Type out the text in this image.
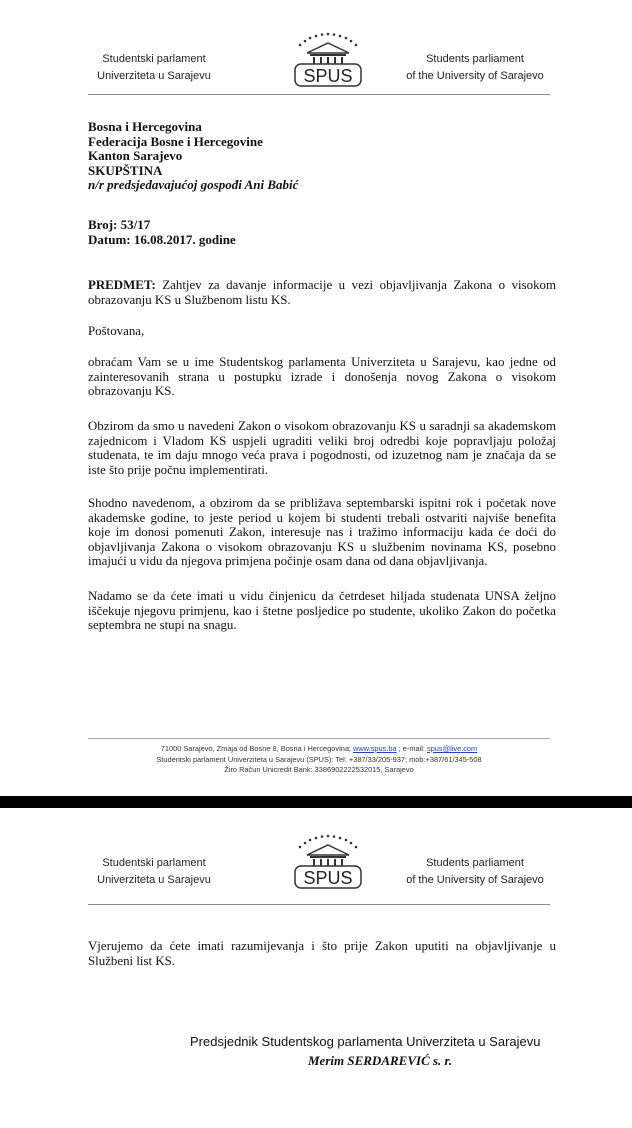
Studentski parlament
Univerziteta u Sarajevu	SPUS
Students parliament
of the University of Sarajevo
Bosna i Hercegovina
Federacija Bosne i Hercegovine
Kanton Sarajevo
SKUPŠTINA
n/r predsjedavajućoj gospođi Ani Babić
Broj: 53/17
Datum: 16.08.2017. godine

PREDMET: Zahtjev za davanje informacije u vezi objavljivanja Zakona o visokom obrazovanju KS u Službenom listu KS.

Poštovana,

obraćam Vam se u ime Studentskog parlamenta Univerziteta u Sarajevu, kao jedne od zainteresovanih strana u postupku izrade i donošenja novog Zakona o visokom obrazovanju KS.

Obzirom da smo u navedeni Zakon o visokom obrazovanju KS u saradnji sa akademskom zajednicom i Vladom KS uspjeli ugraditi veliki broj odredbi koje popravljaju položaj studenata, te im daju mnogo veća prava i pogodnosti, od izuzetnog nam je značaja da se iste što prije počnu implementirati.

Shodno navedenom, a obzirom da se približava septembarski ispitni rok i početak nove akademske godine, to jeste period u kojem bi studenti trebali ostvariti najviše benefita koje im donosi pomenuti Zakon, interesuje nas i tražimo informaciju kada će doći do objavljivanja Zakona o visokom obrazovanju KS u službenim novinama KS, posebno imajući u vidu da njegova primjena počinje osam dana od dana objavljivanja.

Nadamo se da ćete imati u vidu činjenicu da četrdeset hiljada studenata UNSA željno iščekuje njegovu primjenu, kao i štetne posljedice po studente, ukoliko Zakon do početka septembra ne stupi na snagu.

71000 Sarajevo, Zmaja od Bosne 8, Bosna i Hercegovina; www.spus.ba ; e-mail: spus@live.com
Studentski parlament Univerziteta u Sarajevu (SPUS): Tel: +387/33/205-937; mob:+387/61/345-508
Žiro Račun Unicredit Bank: 3386902222532015, Sarajevo
Studentski parlament
Univerziteta u Sarajevu	SPUS
Students parliament
of the University of Sarajevo

Vjerujemo da ćete imati razumijevanja i što prije Zakon uputiti na objavljivanje u Službeni list KS.

Predsjednik Studentskog parlamenta Univerziteta u Sarajevu
Merim SERDAREVIĆ s. r.
